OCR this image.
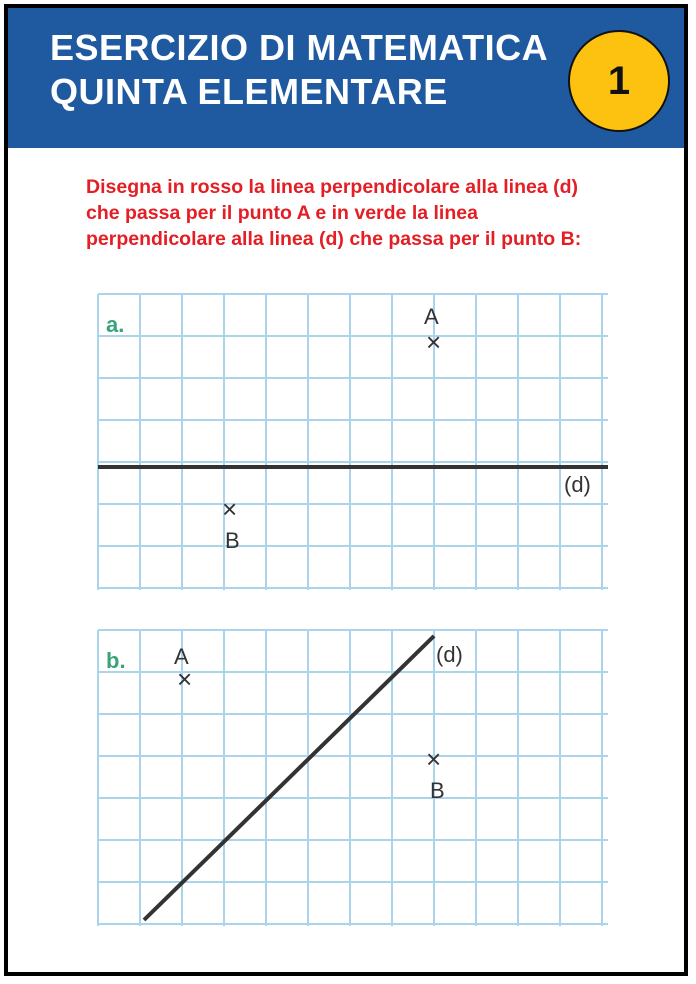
ESERCIZIO DI MATEMATICA
QUINTA ELEMENTARE	1
Disegna in rosso la linea perpendicolare alla linea (d)
che passa per il punto A e in verde la linea
perpendicolare alla linea (d) che passa per il punto B:
a.	A
×
(d)
×
B
b. A
×
(d)
×
B
